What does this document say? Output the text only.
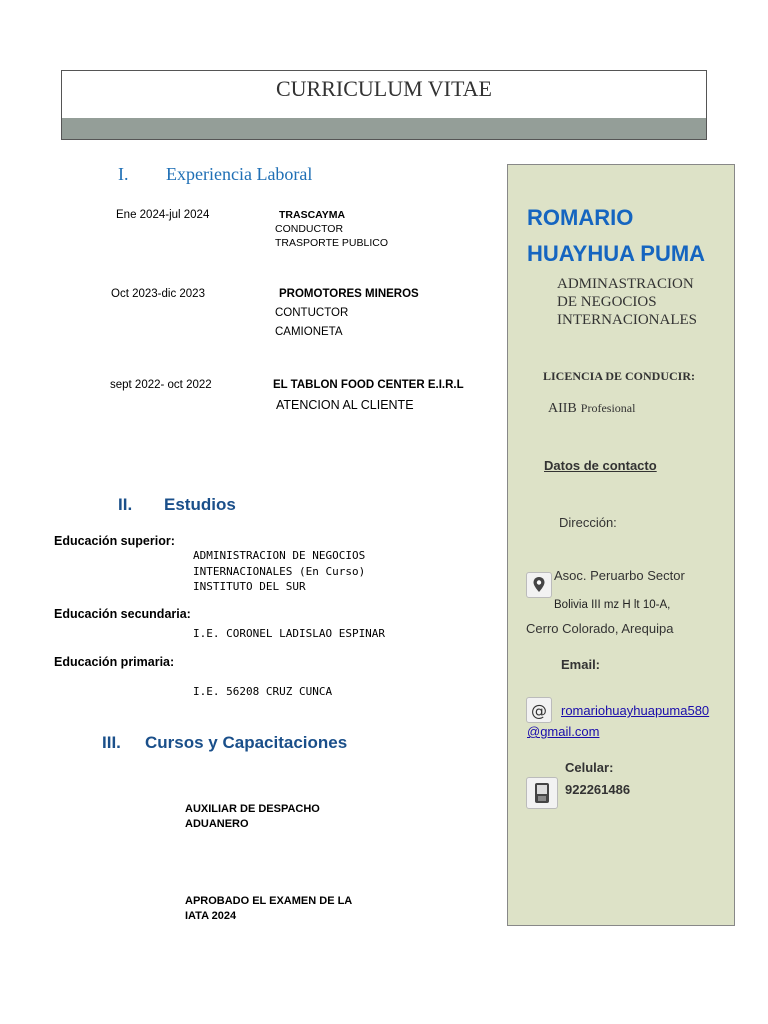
CURRICULUM VITAE
I. Experiencia Laboral
Ene 2024-jul 2024	TRASCAYMA
CONDUCTOR
TRASPORTE PUBLICO
Oct 2023-dic 2023	PROMOTORES MINEROS
CONTUCTOR
CAMIONETA
sept 2022- oct 2022	EL TABLON FOOD CENTER E.I.R.L
ATENCION AL CLIENTE
II. Estudios
Educación superior:
ADMINISTRACION DE NEGOCIOS
INTERNACIONALES (En Curso)
INSTITUTO DEL SUR
Educación secundaria:
I.E. CORONEL LADISLAO ESPINAR
Educación primaria:
I.E. 56208 CRUZ CUNCA
III. Cursos y Capacitaciones
AUXILIAR DE DESPACHO
ADUANERO
APROBADO EL EXAMEN DE LA
IATA 2024
ROMARIO
HUAYHUA PUMA
ADMINASTRACION
DE NEGOCIOS
INTERNACIONALES
LICENCIA DE CONDUCIR:
AIIB Profesional
Datos de contacto
Dirección:
Asoc. Peruarbo Sector
Bolivia III mz H lt 10-A,
Cerro Colorado, Arequipa
Email:
@ romariohuayhuapuma580
@gmail.com
Celular:
922261486
